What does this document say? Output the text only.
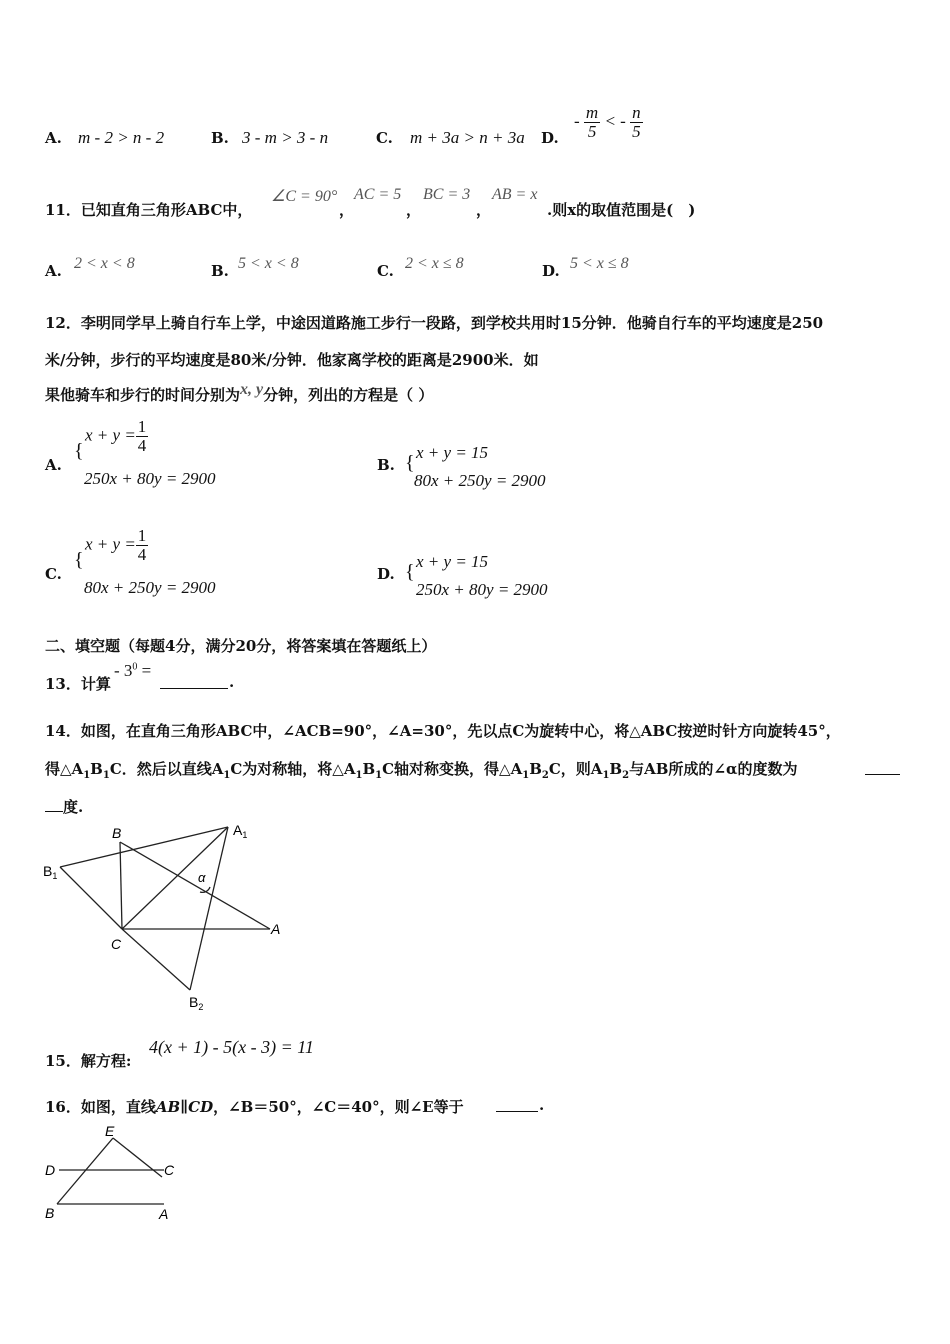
A. m - 2 > n - 2	B. 3 - m > 3 - n	C. m + 3a > n + 3a D.
- $\frac{m}{5}$ < - $\frac{n}{5}$
11．已知直角三角形ABC中，
∠C = 90°
，
AC = 5
，
BC = 3
，
AB = x
.则x的取值范围是(　)
A. 2 < x < 8	B. 5 < x < 8	C. 2 < x ≤ 8	D. 5 < x ≤ 8
12．李明同学早上骑自行车上学，中途因道路施工步行一段路，到学校共用时15分钟．他骑自行车的平均速度是250
米/分钟，步行的平均速度是80米/分钟．他家离学校的距离是2900米．如
果他骑车和步行的时间分别为x, y分钟，列出的方程是（ ）
A.
{
$x + y = \frac{1}{4}$
250x + 80y = 2900
B. { x + y = 15
80x + 250y = 2900
C.
{
$x + y = \frac{1}{4}$
80x + 250y = 2900
D. { x + y = 15
250x + 80y = 2900
二、填空题（每题4分，满分20分，将答案填在答题纸上）
13．计算
- $3^0$ =
.
14．如图，在直角三角形ABC中，∠ACB=90°，∠A=30°，先以点C为旋转中心，将△ABC按逆时针方向旋转45°，
得$\triangle A_1B_1C$．然后以直线$A_1C$为对称轴，将$\triangle A_1B_1C$轴对称变换，得$\triangle A_1B_2C$，则$A_1B_2$与AB所成的∠α的度数为
度.
B	$A_1$
$B_1$	α
A
C
$B_2$
15．解方程:
4(x + 1) - 5(x - 3) = 11
16．如图，直线AB∥CD，∠B＝50°，∠C＝40°，则∠E等于	.
E
D	C
B	A
